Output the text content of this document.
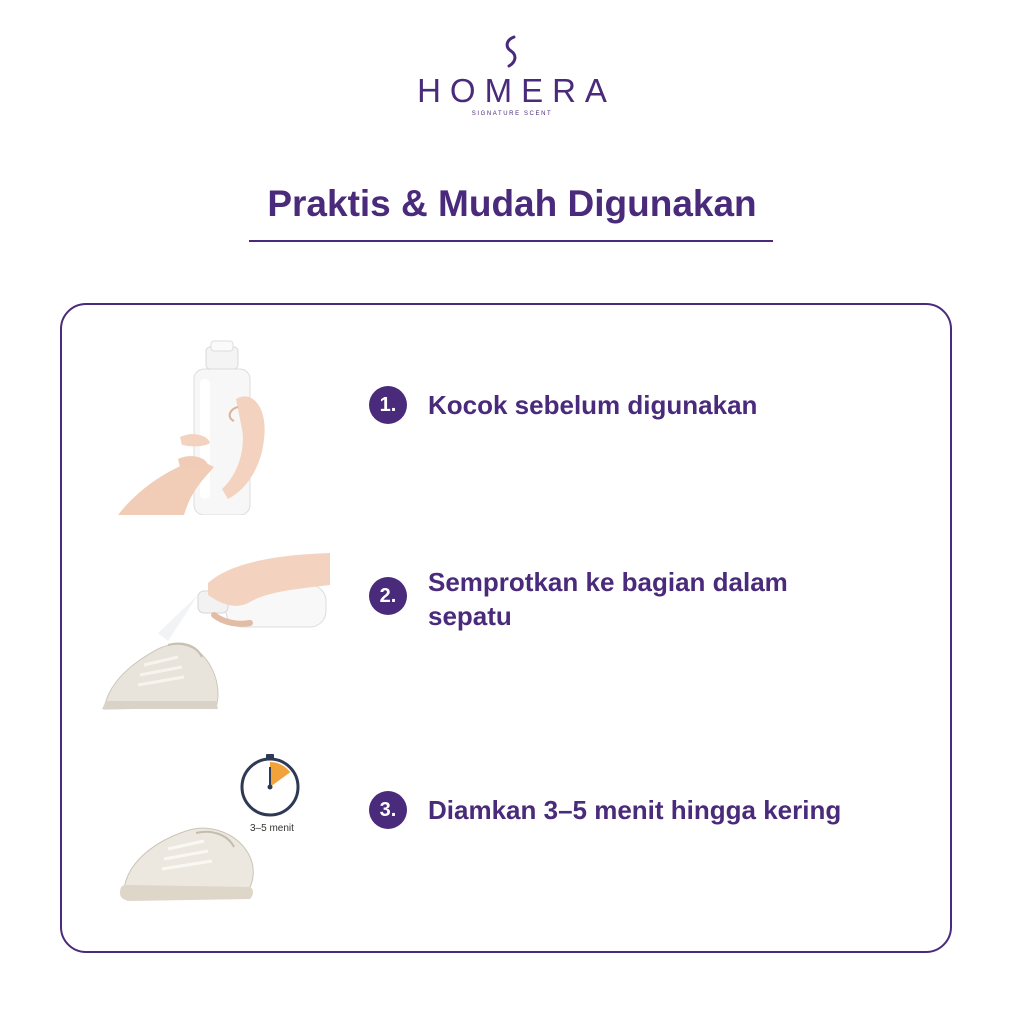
HOMERA
SIGNATURE SCENT
Praktis & Mudah Digunakan
1.	Kocok sebelum digunakan
2.	Semprotkan ke bagian dalam
sepatu
3–5 menit
3.	Diamkan 3–5 menit hingga kering
